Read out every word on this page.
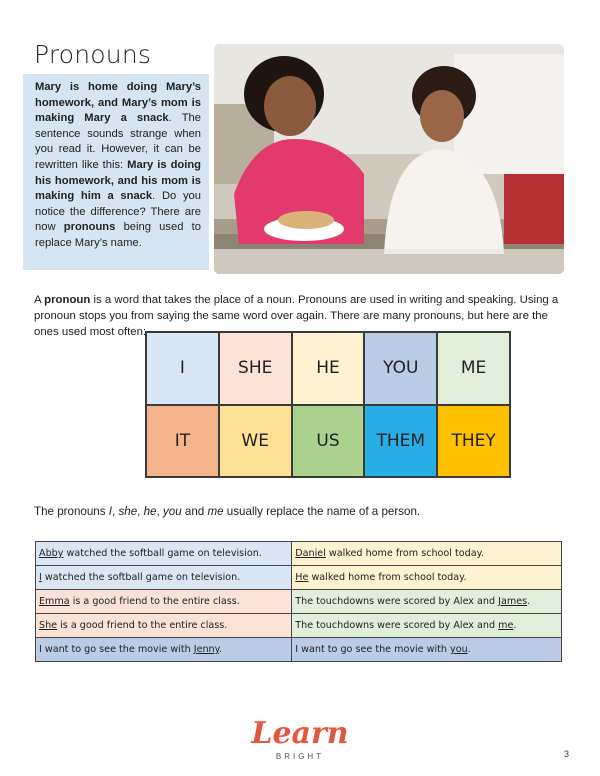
Pronouns
Mary is home doing Mary’s homework, and Mary’s mom is making Mary a snack. The sentence sounds strange when you read it. However, it can be rewritten like this: Mary is doing his homework, and his mom is making him a snack. Do you notice the difference? There are now pronouns being used to replace Mary’s name.
A pronoun is a word that takes the place of a noun. Pronouns are used in writing and speaking. Using a pronoun stops you from saying the same word over again. There are many pronouns, but here are the ones used most often:
I	SHE	HE	YOU	ME
IT	WE	US	THEM	THEY
The pronouns I, she, he, you and me usually replace the name of a person.
Abby watched the softball game on television.	Daniel walked home from school today.
I watched the softball game on television.	He walked home from school today.
Emma is a good friend to the entire class.	The touchdowns were scored by Alex and James.
She is a good friend to the entire class.	The touchdowns were scored by Alex and me.
I want to go see the movie with Jenny.	I want to go see the movie with you.
Learn
BRIGHT	3
